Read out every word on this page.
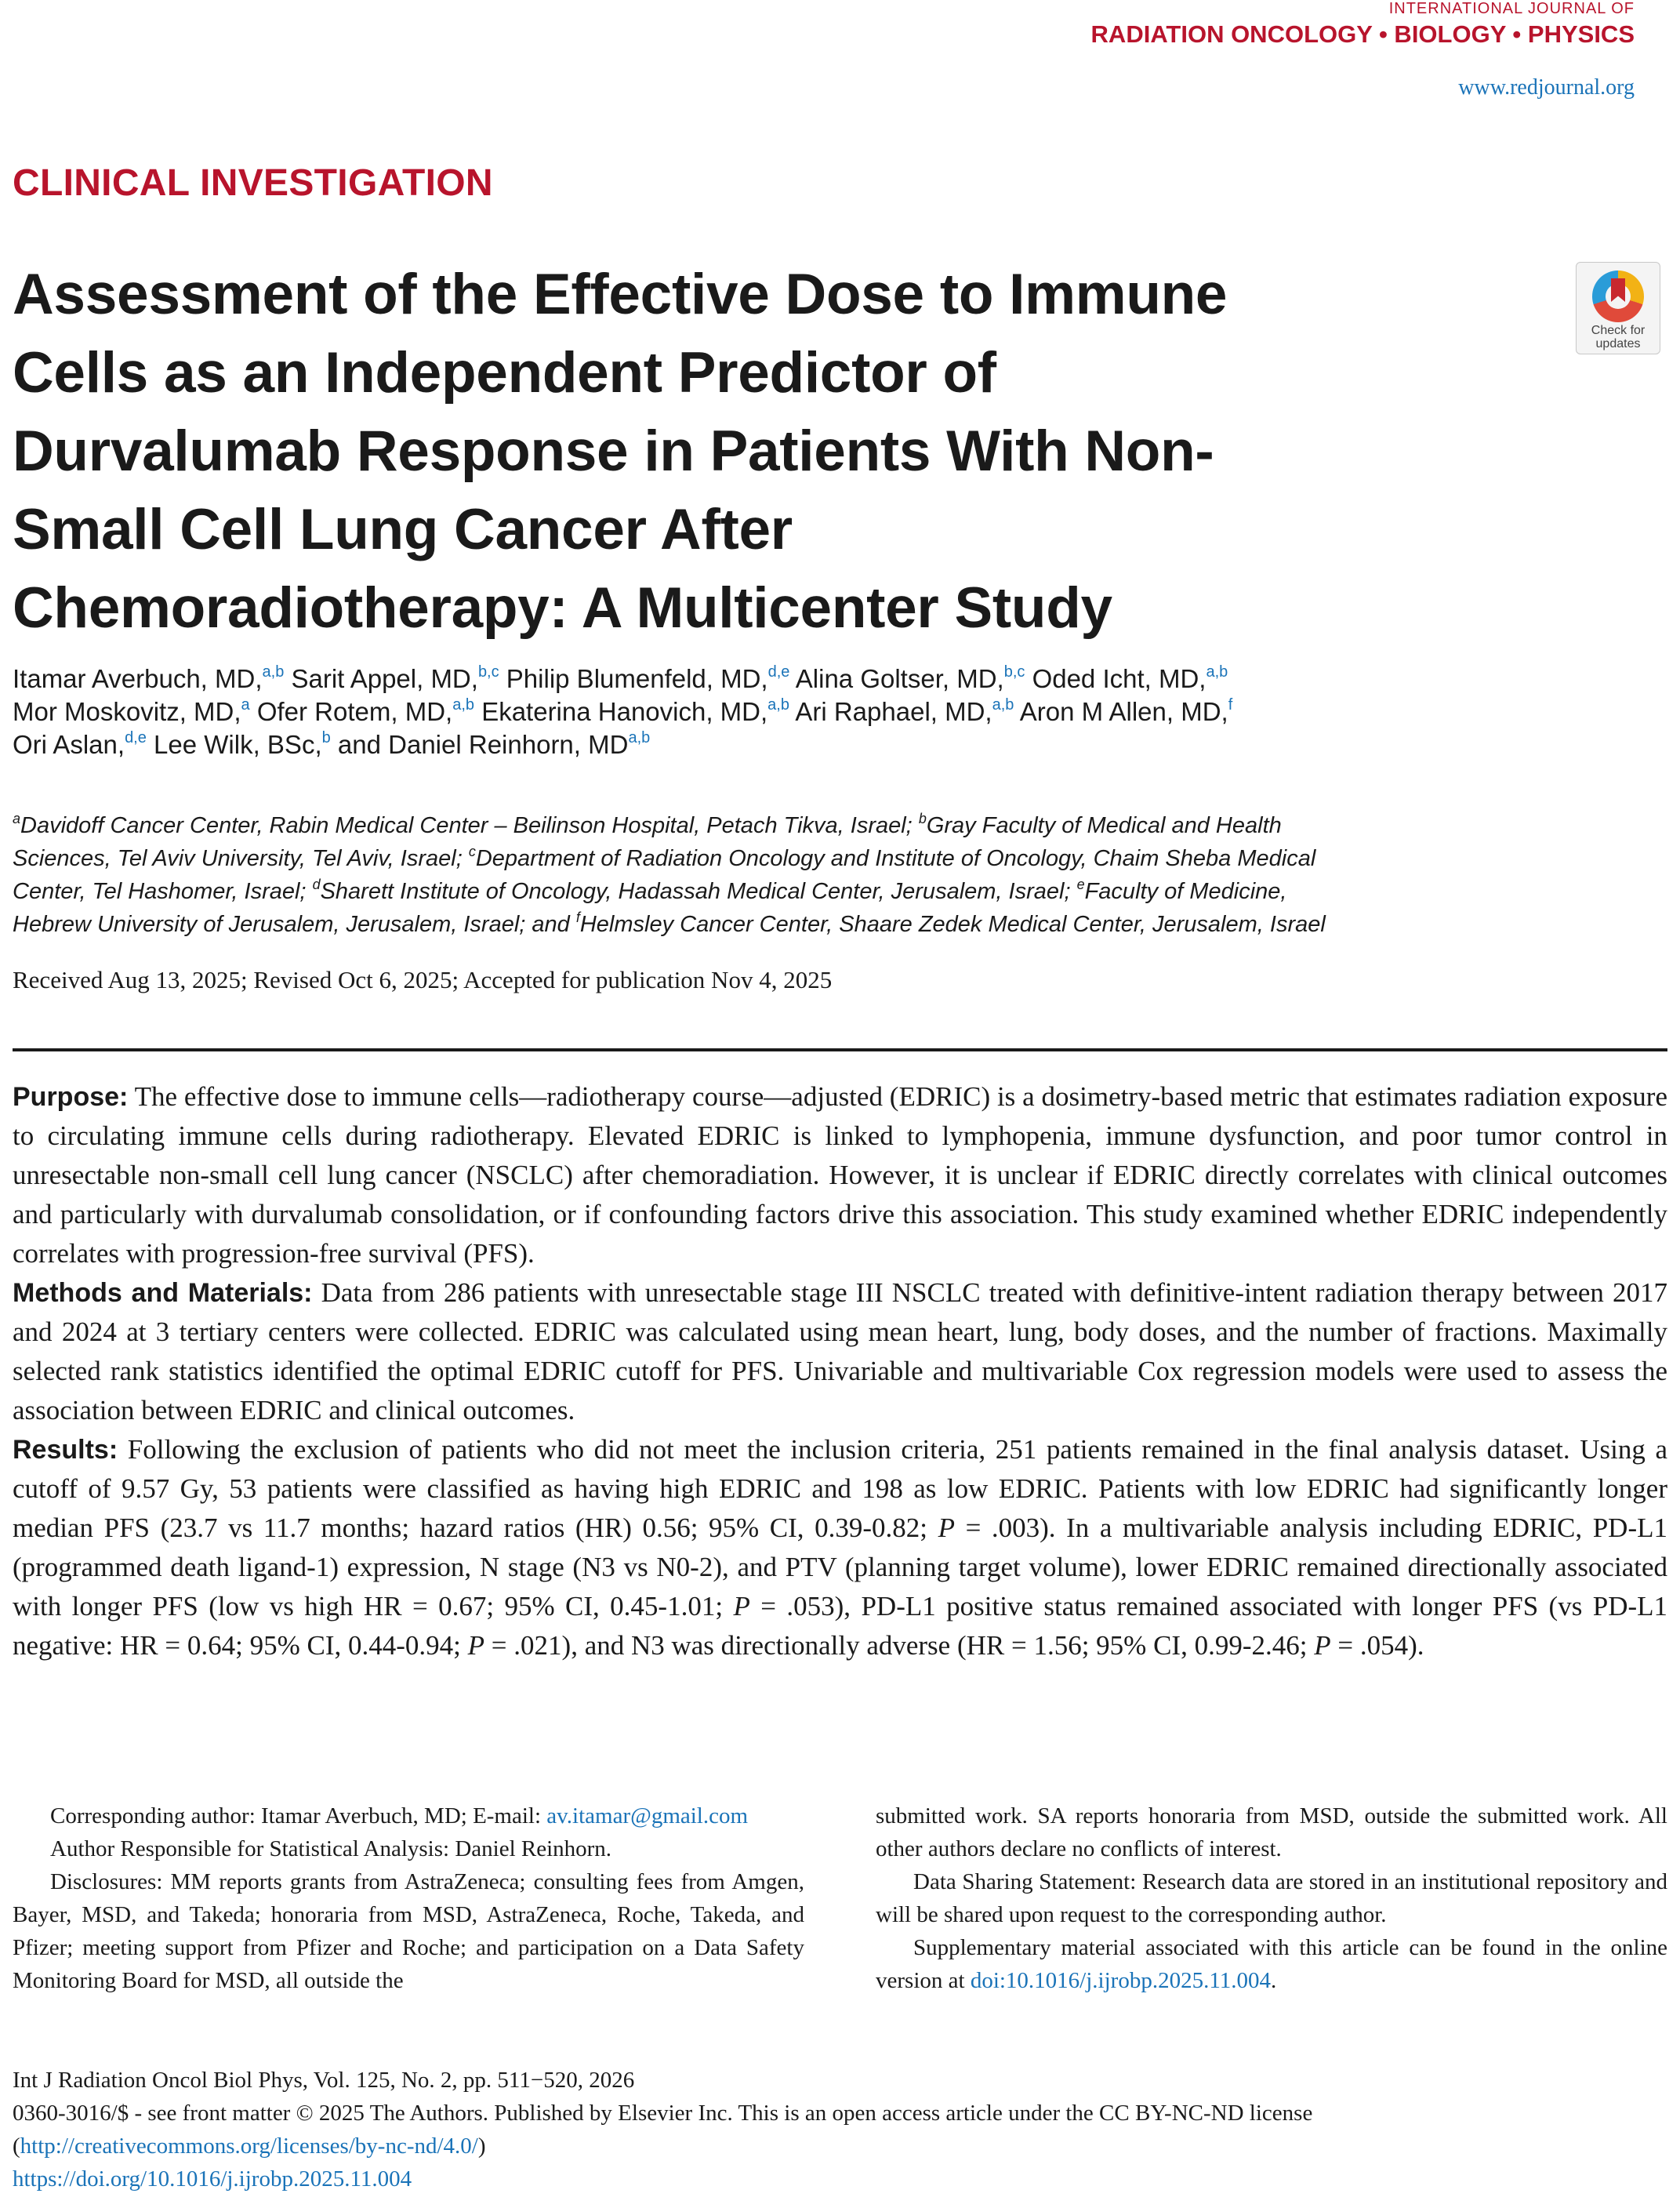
INTERNATIONAL JOURNAL OF
RADIATION ONCOLOGY • BIOLOGY • PHYSICS
www.redjournal.org
CLINICAL INVESTIGATION
Assessment of the Effective Dose to Immune
Cells as an Independent Predictor of
Durvalumab Response in Patients With Non-
Small Cell Lung Cancer After
Chemoradiotherapy: A Multicenter Study
Check for
updates
Itamar Averbuch, MD,$^{a,b}$ Sarit Appel, MD,$^{b,c}$ Philip Blumenfeld, MD,$^{d,e}$ Alina Goltser, MD,$^{b,c}$ Oded Icht, MD,$^{a,b}$
Mor Moskovitz, MD,$^a$ Ofer Rotem, MD,$^{a,b}$ Ekaterina Hanovich, MD,$^{a,b}$ Ari Raphael, MD,$^{a,b}$ Aron M Allen, MD,$^f$
Ori Aslan,$^{d,e}$ Lee Wilk, BSc,$^b$ and Daniel Reinhorn, MD$^{a,b}$
$^a$Davidoff Cancer Center, Rabin Medical Center – Beilinson Hospital, Petach Tikva, Israel; $^b$Gray Faculty of Medical and Health
Sciences, Tel Aviv University, Tel Aviv, Israel; $^c$Department of Radiation Oncology and Institute of Oncology, Chaim Sheba Medical
Center, Tel Hashomer, Israel; $^d$Sharett Institute of Oncology, Hadassah Medical Center, Jerusalem, Israel; $^e$Faculty of Medicine,
Hebrew University of Jerusalem, Jerusalem, Israel; and $^f$Helmsley Cancer Center, Shaare Zedek Medical Center, Jerusalem, Israel
Received Aug 13, 2025; Revised Oct 6, 2025; Accepted for publication Nov 4, 2025

Purpose: The effective dose to immune cells—radiotherapy course—adjusted (EDRIC) is a dosimetry-based metric that estimates radiation exposure to circulating immune cells during radiotherapy. Elevated EDRIC is linked to lymphopenia, immune dysfunction, and poor tumor control in unresectable non-small cell lung cancer (NSCLC) after chemoradiation. However, it is unclear if EDRIC directly correlates with clinical outcomes and particularly with durvalumab consolidation, or if confounding factors drive this association. This study examined whether EDRIC independently correlates with progression-free survival (PFS).

Methods and Materials: Data from 286 patients with unresectable stage III NSCLC treated with definitive-intent radiation therapy between 2017 and 2024 at 3 tertiary centers were collected. EDRIC was calculated using mean heart, lung, body doses, and the number of fractions. Maximally selected rank statistics identified the optimal EDRIC cutoff for PFS. Univariable and multivariable Cox regression models were used to assess the association between EDRIC and clinical outcomes.

Results: Following the exclusion of patients who did not meet the inclusion criteria, 251 patients remained in the final analysis dataset. Using a cutoff of 9.57 Gy, 53 patients were classified as having high EDRIC and 198 as low EDRIC. Patients with low EDRIC had significantly longer median PFS (23.7 vs 11.7 months; hazard ratios (HR) 0.56; 95% CI, 0.39-0.82; P = .003). In a multivariable analysis including EDRIC, PD-L1 (programmed death ligand-1) expression, N stage (N3 vs N0-2), and PTV (planning target volume), lower EDRIC remained directionally associated with longer PFS (low vs high HR = 0.67; 95% CI, 0.45-1.01; P = .053), PD-L1 positive status remained associated with longer PFS (vs PD-L1 negative: HR = 0.64; 95% CI, 0.44-0.94; P = .021), and N3 was directionally adverse (HR = 1.56; 95% CI, 0.99-2.46; P = .054).

Corresponding author: Itamar Averbuch, MD; E-mail: av.itamar@gmail.com

Author Responsible for Statistical Analysis: Daniel Reinhorn.

Disclosures: MM reports grants from AstraZeneca; consulting fees from Amgen, Bayer, MSD, and Takeda; honoraria from MSD, AstraZeneca, Roche, Takeda, and Pfizer; meeting support from Pfizer and Roche; and participation on a Data Safety Monitoring Board for MSD, all outside the

submitted work. SA reports honoraria from MSD, outside the submitted work. All other authors declare no conflicts of interest.

Data Sharing Statement: Research data are stored in an institutional repository and will be shared upon request to the corresponding author.

Supplementary material associated with this article can be found in the online version at doi:10.1016/j.ijrobp.2025.11.004.

Int J Radiation Oncol Biol Phys, Vol. 125, No. 2, pp. 511−520, 2026
0360-3016/$ - see front matter © 2025 The Authors. Published by Elsevier Inc. This is an open access article under the CC BY-NC-ND license
(http://creativecommons.org/licenses/by-nc-nd/4.0/)
https://doi.org/10.1016/j.ijrobp.2025.11.004
